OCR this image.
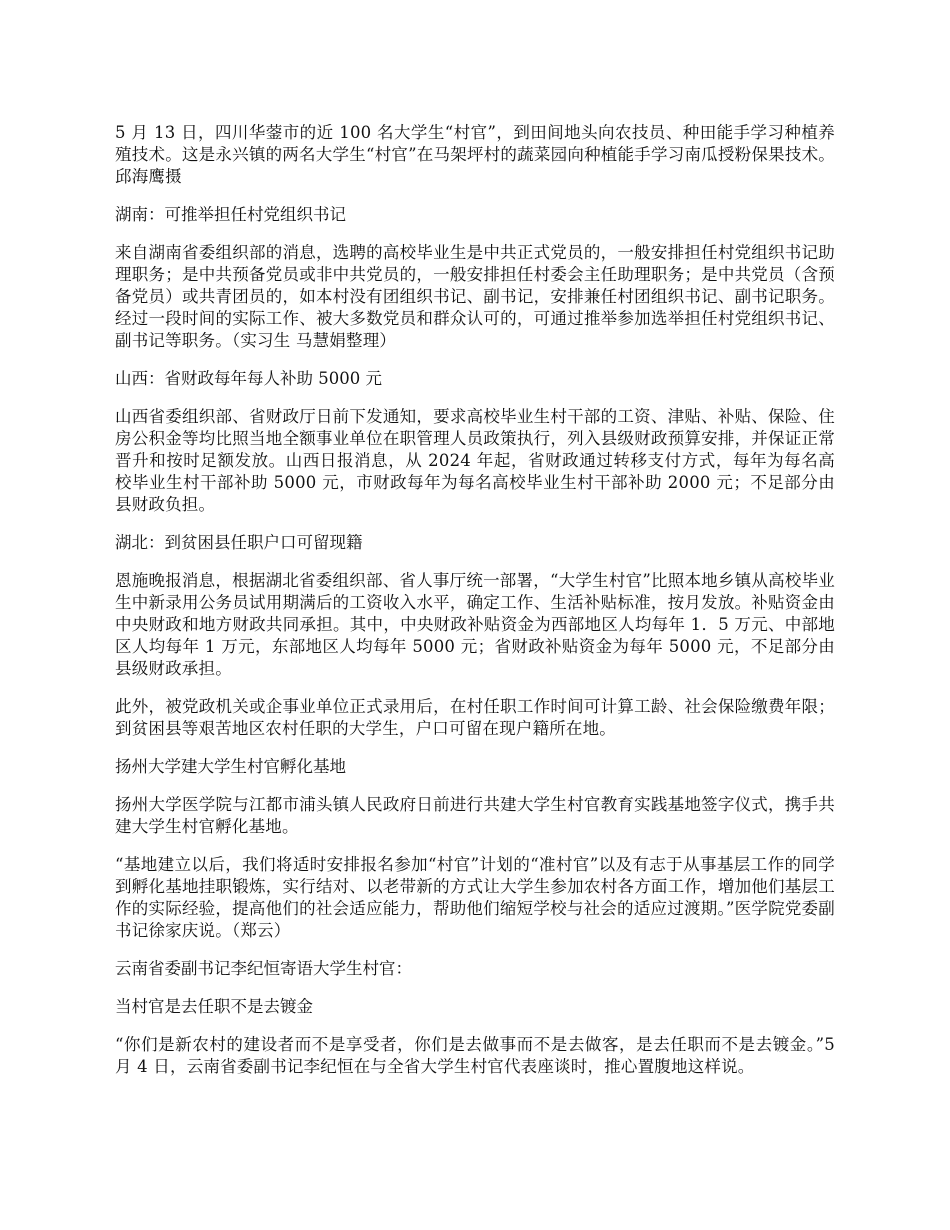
5 月 13 日，四川华蓥市的近 100 名大学生“村官”，到田间地头向农技员、种田能手学习种植养殖技术。这是永兴镇的两名大学生“村官”在马架坪村的蔬菜园向种植能手学习南瓜授粉保果技术。邱海鹰摄

湖南：可推举担任村党组织书记

来自湖南省委组织部的消息，选聘的高校毕业生是中共正式党员的，一般安排担任村党组织书记助理职务；是中共预备党员或非中共党员的，一般安排担任村委会主任助理职务；是中共党员（含预备党员）或共青团员的，如本村没有团组织书记、副书记，安排兼任村团组织书记、副书记职务。经过一段时间的实际工作、被大多数党员和群众认可的，可通过推举参加选举担任村党组织书记、副书记等职务。（实习生 马慧娟整理）

山西：省财政每年每人补助 5000 元

山西省委组织部、省财政厅日前下发通知，要求高校毕业生村干部的工资、津贴、补贴、保险、住房公积金等均比照当地全额事业单位在职管理人员政策执行，列入县级财政预算安排，并保证正常晋升和按时足额发放。山西日报消息，从 2024 年起，省财政通过转移支付方式，每年为每名高校毕业生村干部补助 5000 元，市财政每年为每名高校毕业生村干部补助 2000 元；不足部分由县财政负担。

湖北：到贫困县任职户口可留现籍

恩施晚报消息，根据湖北省委组织部、省人事厅统一部署，“大学生村官”比照本地乡镇从高校毕业生中新录用公务员试用期满后的工资收入水平，确定工作、生活补贴标准，按月发放。补贴资金由中央财政和地方财政共同承担。其中，中央财政补贴资金为西部地区人均每年 1．5 万元、中部地区人均每年 1 万元，东部地区人均每年 5000 元；省财政补贴资金为每年 5000 元，不足部分由县级财政承担。

此外，被党政机关或企事业单位正式录用后，在村任职工作时间可计算工龄、社会保险缴费年限；到贫困县等艰苦地区农村任职的大学生，户口可留在现户籍所在地。

扬州大学建大学生村官孵化基地

扬州大学医学院与江都市浦头镇人民政府日前进行共建大学生村官教育实践基地签字仪式，携手共建大学生村官孵化基地。

“基地建立以后，我们将适时安排报名参加“村官”计划的“准村官”以及有志于从事基层工作的同学到孵化基地挂职锻炼，实行结对、以老带新的方式让大学生参加农村各方面工作，增加他们基层工作的实际经验，提高他们的社会适应能力，帮助他们缩短学校与社会的适应过渡期。”医学院党委副书记徐家庆说。（郑云）

云南省委副书记李纪恒寄语大学生村官：

当村官是去任职不是去镀金

“你们是新农村的建设者而不是享受者，你们是去做事而不是去做客，是去任职而不是去镀金。”5 月 4 日，云南省委副书记李纪恒在与全省大学生村官代表座谈时，推心置腹地这样说。
